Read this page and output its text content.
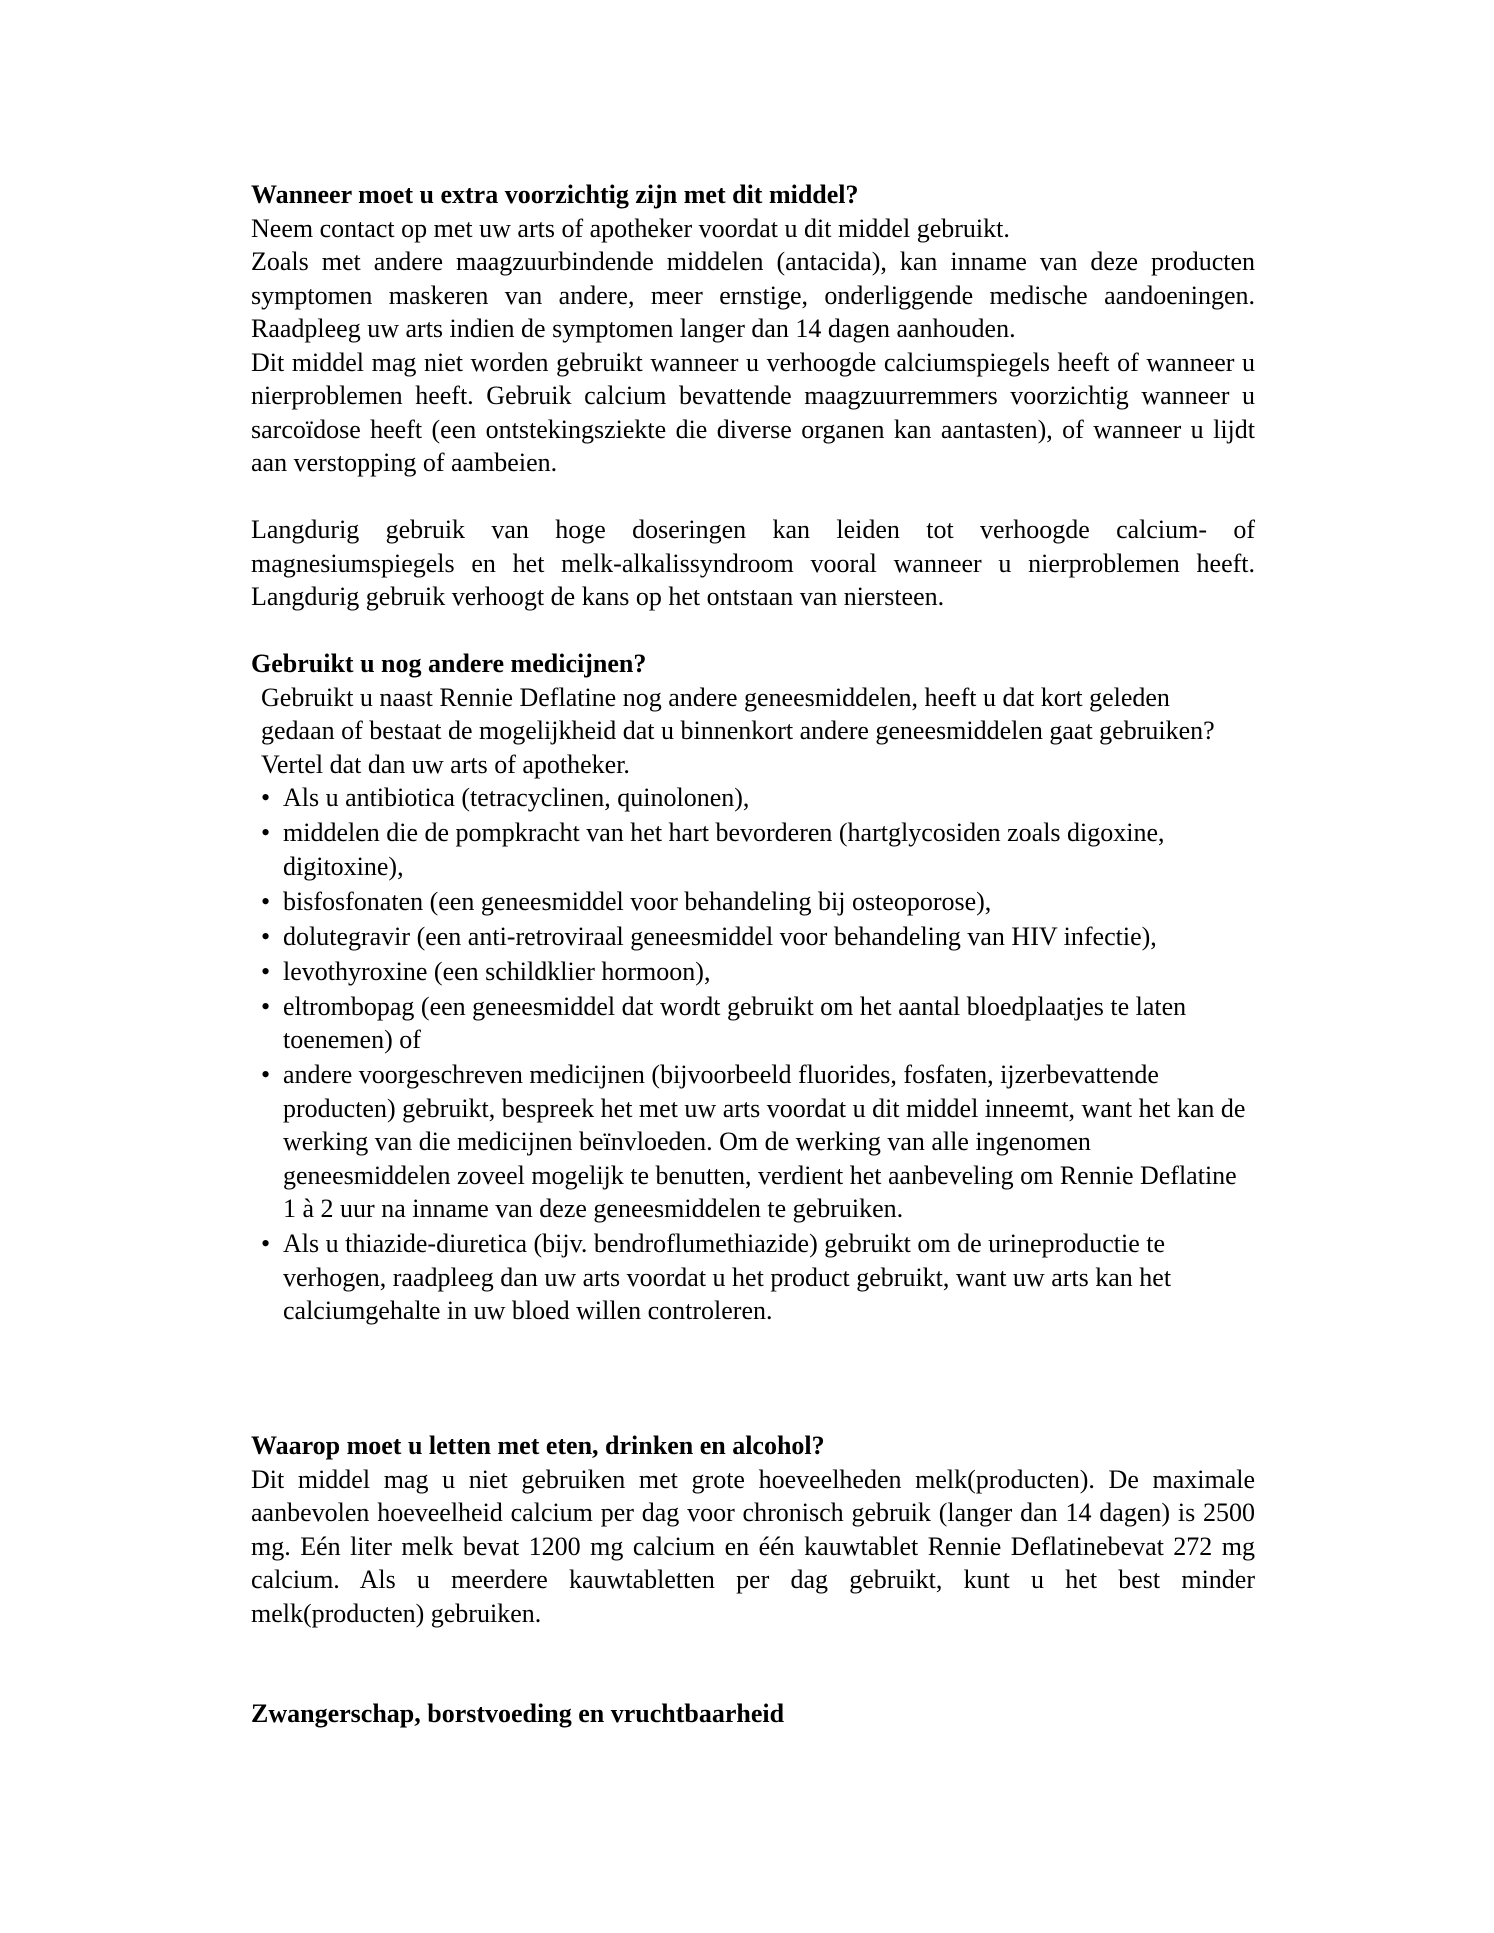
Wanneer moet u extra voorzichtig zijn met dit middel?

Neem contact op met uw arts of apotheker voordat u dit middel gebruikt.

Zoals met andere maagzuurbindende middelen (antacida), kan inname van deze producten symptomen maskeren van andere, meer ernstige, onderliggende medische aandoeningen. Raadpleeg uw arts indien de symptomen langer dan 14 dagen aanhouden.

Dit middel mag niet worden gebruikt wanneer u verhoogde calciumspiegels heeft of wanneer u nierproblemen heeft. Gebruik calcium bevattende maagzuurremmers voorzichtig wanneer u sarcoïdose heeft (een ontstekingsziekte die diverse organen kan aantasten), of wanneer u lijdt aan verstopping of aambeien.

Langdurig gebruik van hoge doseringen kan leiden tot verhoogde calcium- of magnesiumspiegels en het melk-alkalissyndroom vooral wanneer u nierproblemen heeft. Langdurig gebruik verhoogt de kans op het ontstaan van niersteen.

Gebruikt u nog andere medicijnen?

Gebruikt u naast Rennie Deflatine nog andere geneesmiddelen, heeft u dat kort geleden gedaan of bestaat de mogelijkheid dat u binnenkort andere geneesmiddelen gaat gebruiken? Vertel dat dan uw arts of apotheker.

• Als u antibiotica (tetracyclinen, quinolonen),
• middelen die de pompkracht van het hart bevorderen (hartglycosiden zoals digoxine, digitoxine),
• bisfosfonaten (een geneesmiddel voor behandeling bij osteoporose),
• dolutegravir (een anti-retroviraal geneesmiddel voor behandeling van HIV infectie),
• levothyroxine (een schildklier hormoon),
• eltrombopag (een geneesmiddel dat wordt gebruikt om het aantal bloedplaatjes te laten toenemen) of
• andere voorgeschreven medicijnen (bijvoorbeeld fluorides, fosfaten, ijzerbevattende producten) gebruikt, bespreek het met uw arts voordat u dit middel inneemt, want het kan de werking van die medicijnen beïnvloeden. Om de werking van alle ingenomen geneesmiddelen zoveel mogelijk te benutten, verdient het aanbeveling om Rennie Deflatine 1 à 2 uur na inname van deze geneesmiddelen te gebruiken.
• Als u thiazide-diuretica (bijv. bendroflumethiazide) gebruikt om de urineproductie te verhogen, raadpleeg dan uw arts voordat u het product gebruikt, want uw arts kan het calciumgehalte in uw bloed willen controleren.
Waarop moet u letten met eten, drinken en alcohol?

Dit middel mag u niet gebruiken met grote hoeveelheden melk(producten). De maximale aanbevolen hoeveelheid calcium per dag voor chronisch gebruik (langer dan 14 dagen) is 2500 mg. Eén liter melk bevat 1200 mg calcium en één kauwtablet Rennie Deflatinebevat 272 mg calcium. Als u meerdere kauwtabletten per dag gebruikt, kunt u het best minder melk(producten) gebruiken.

Zwangerschap, borstvoeding en vruchtbaarheid
